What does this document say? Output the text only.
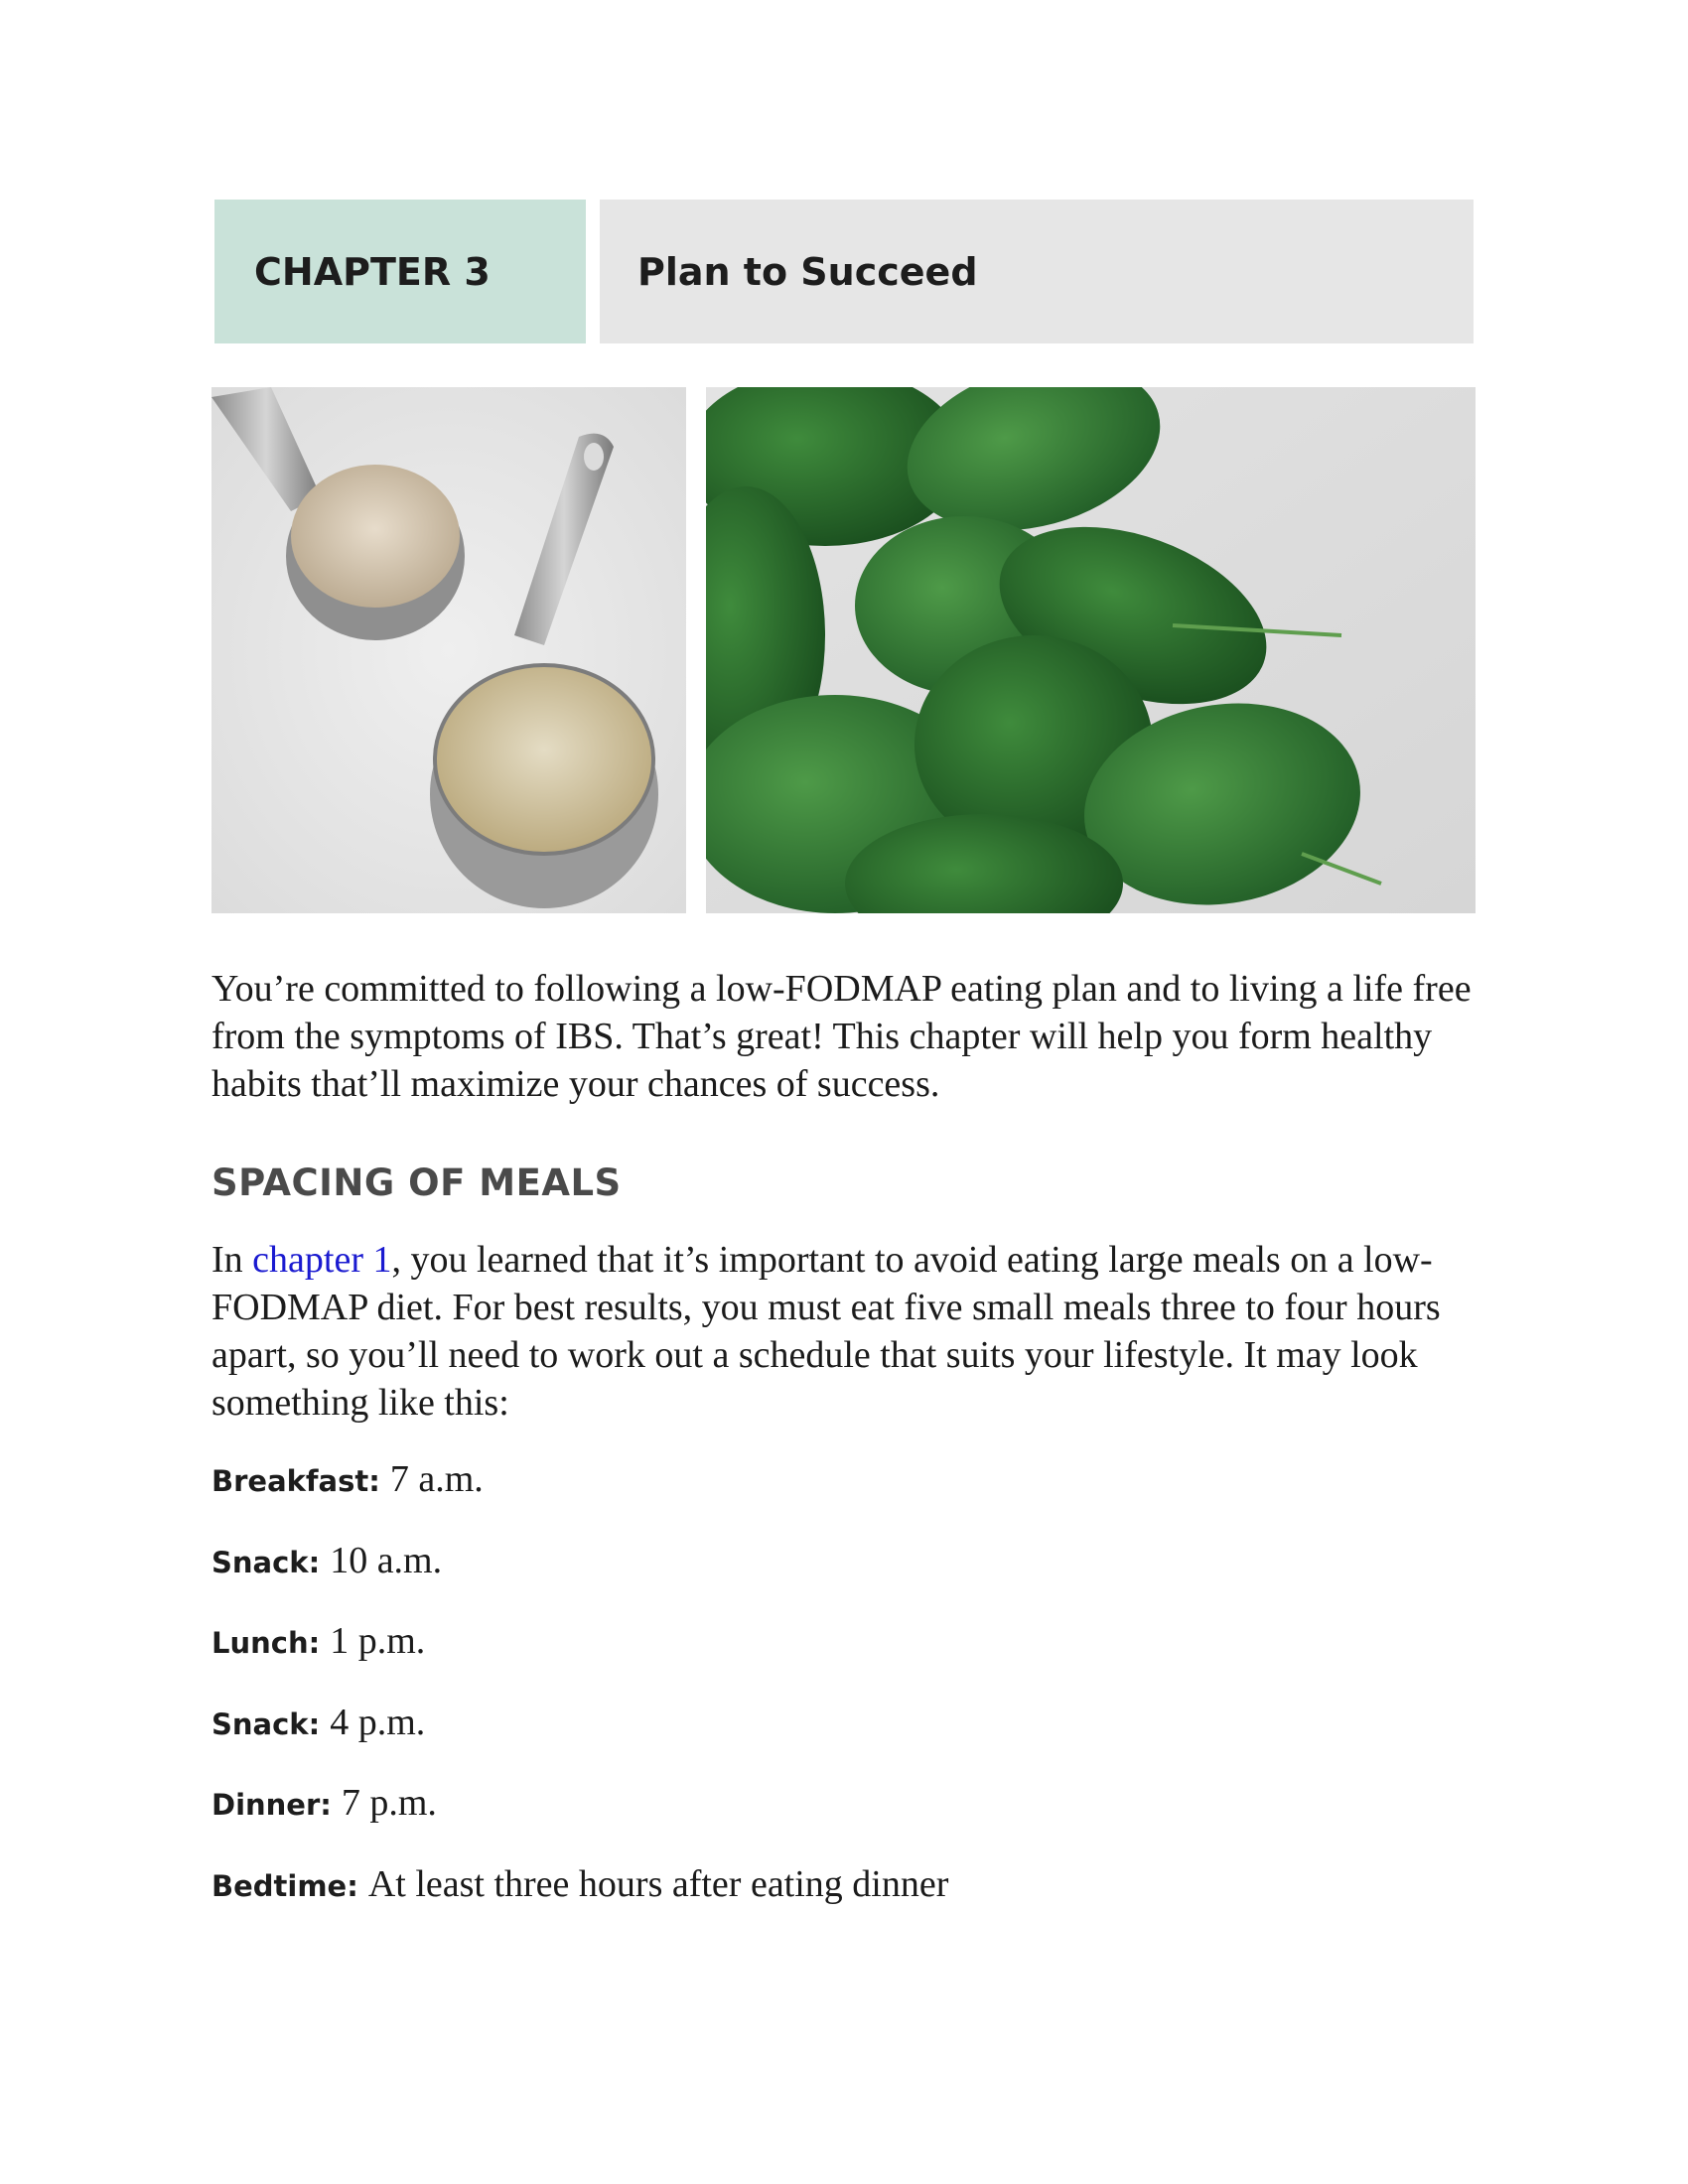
CHAPTER 3	Plan to Succeed

You’re committed to following a low-FODMAP eating plan and to living a life free from the symptoms of IBS. That’s great! This chapter will help you form healthy habits that’ll maximize your chances of success.

SPACING OF MEALS

In chapter 1, you learned that it’s important to avoid eating large meals on a low-FODMAP diet. For best results, you must eat five small meals three to four hours apart, so you’ll need to work out a schedule that suits your lifestyle. It may look something like this:

Breakfast: 7 a.m.
Snack: 10 a.m.
Lunch: 1 p.m.
Snack: 4 p.m.
Dinner: 7 p.m.
Bedtime: At least three hours after eating dinner
